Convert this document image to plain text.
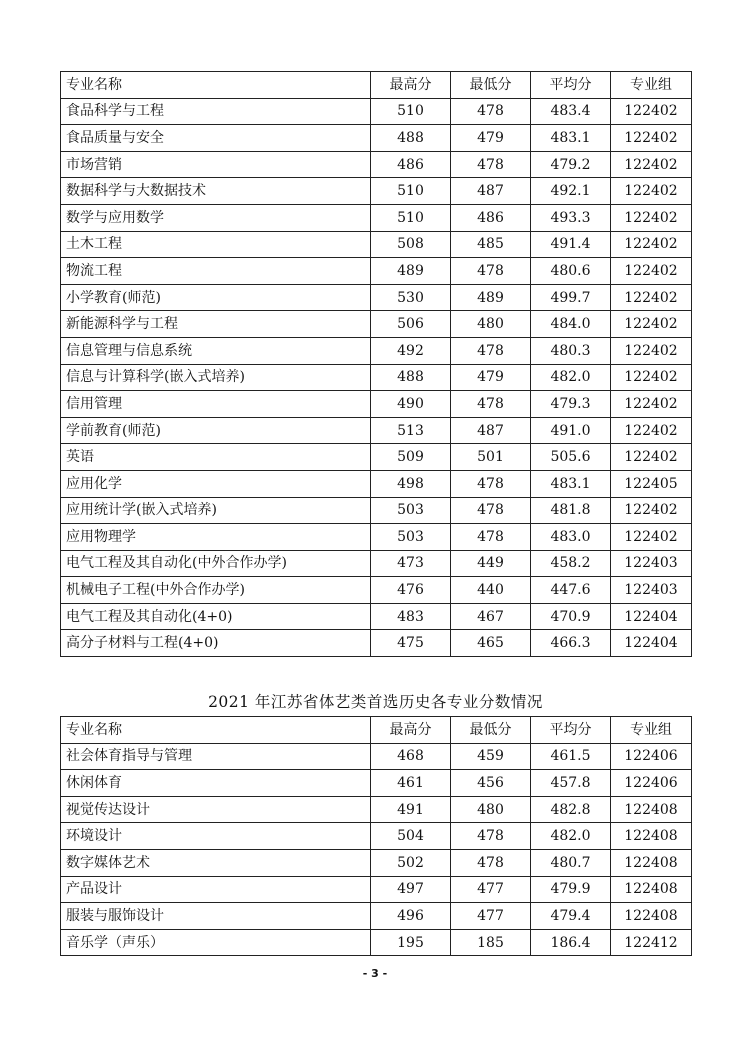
专业名称	最高分	最低分	平均分	专业组
食品科学与工程	510	478	483.4	122402
食品质量与安全	488	479	483.1	122402
市场营销	486	478	479.2	122402
数据科学与大数据技术	510	487	492.1	122402
数学与应用数学	510	486	493.3	122402
土木工程	508	485	491.4	122402
物流工程	489	478	480.6	122402
小学教育(师范)	530	489	499.7	122402
新能源科学与工程	506	480	484.0	122402
信息管理与信息系统	492	478	480.3	122402
信息与计算科学(嵌入式培养)	488	479	482.0	122402
信用管理	490	478	479.3	122402
学前教育(师范)	513	487	491.0	122402
英语	509	501	505.6	122402
应用化学	498	478	483.1	122405
应用统计学(嵌入式培养)	503	478	481.8	122402
应用物理学	503	478	483.0	122402
电气工程及其自动化(中外合作办学)	473	449	458.2	122403
机械电子工程(中外合作办学)	476	440	447.6	122403
电气工程及其自动化(4+0)	483	467	470.9	122404
高分子材料与工程(4+0)	475	465	466.3	122404
2021 年江苏省体艺类首选历史各专业分数情况
专业名称	最高分	最低分	平均分	专业组
社会体育指导与管理	468	459	461.5	122406
休闲体育	461	456	457.8	122406
视觉传达设计	491	480	482.8	122408
环境设计	504	478	482.0	122408
数字媒体艺术	502	478	480.7	122408
产品设计	497	477	479.9	122408
服装与服饰设计	496	477	479.4	122408
音乐学（声乐）	195	185	186.4	122412
- 3 -
